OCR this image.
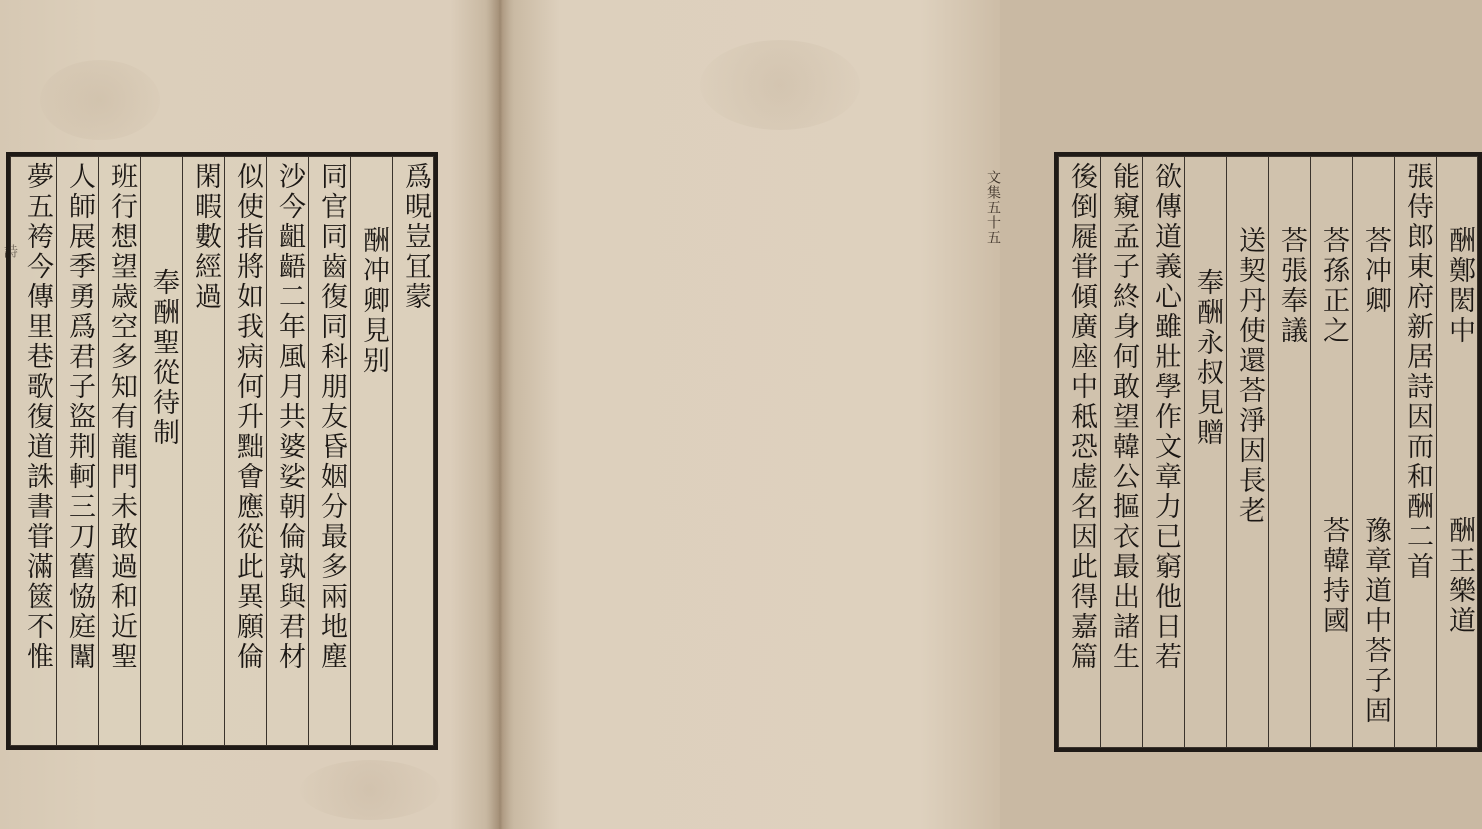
詩	爲晛豈冝蒙
酬冲卿見别
同官同齒復同科朋友昏姻分最多兩地塵
沙今齟齬二年風月共婆娑朝倫孰與君材
似使指將如我病何升黜㑹應從此異願倫
閑暇數經過
奉酬聖從待制
班行想望歳空多知有龍門未敢過和近聖
人師展季勇爲君子盜荆軻三刀舊恊庭闈
夢五袴今傳里巷歌復道誅書甞滿篋不惟	酬鄭閎中
酬王樂道
張侍郎東府新居詩因而和酬二首
荅冲卿
豫章道中荅子固
荅孫正之
荅韓持國
荅張奉議
送契丹使還荅淨因長老
奉酬永叔見贈
欲傳道義心雖壯學作文章力已窮他日若
能窺孟子終身何敢望韓公摳衣最出諸生
後倒屣甞傾廣座中秪恐虚名因此得嘉篇
文集五十五
